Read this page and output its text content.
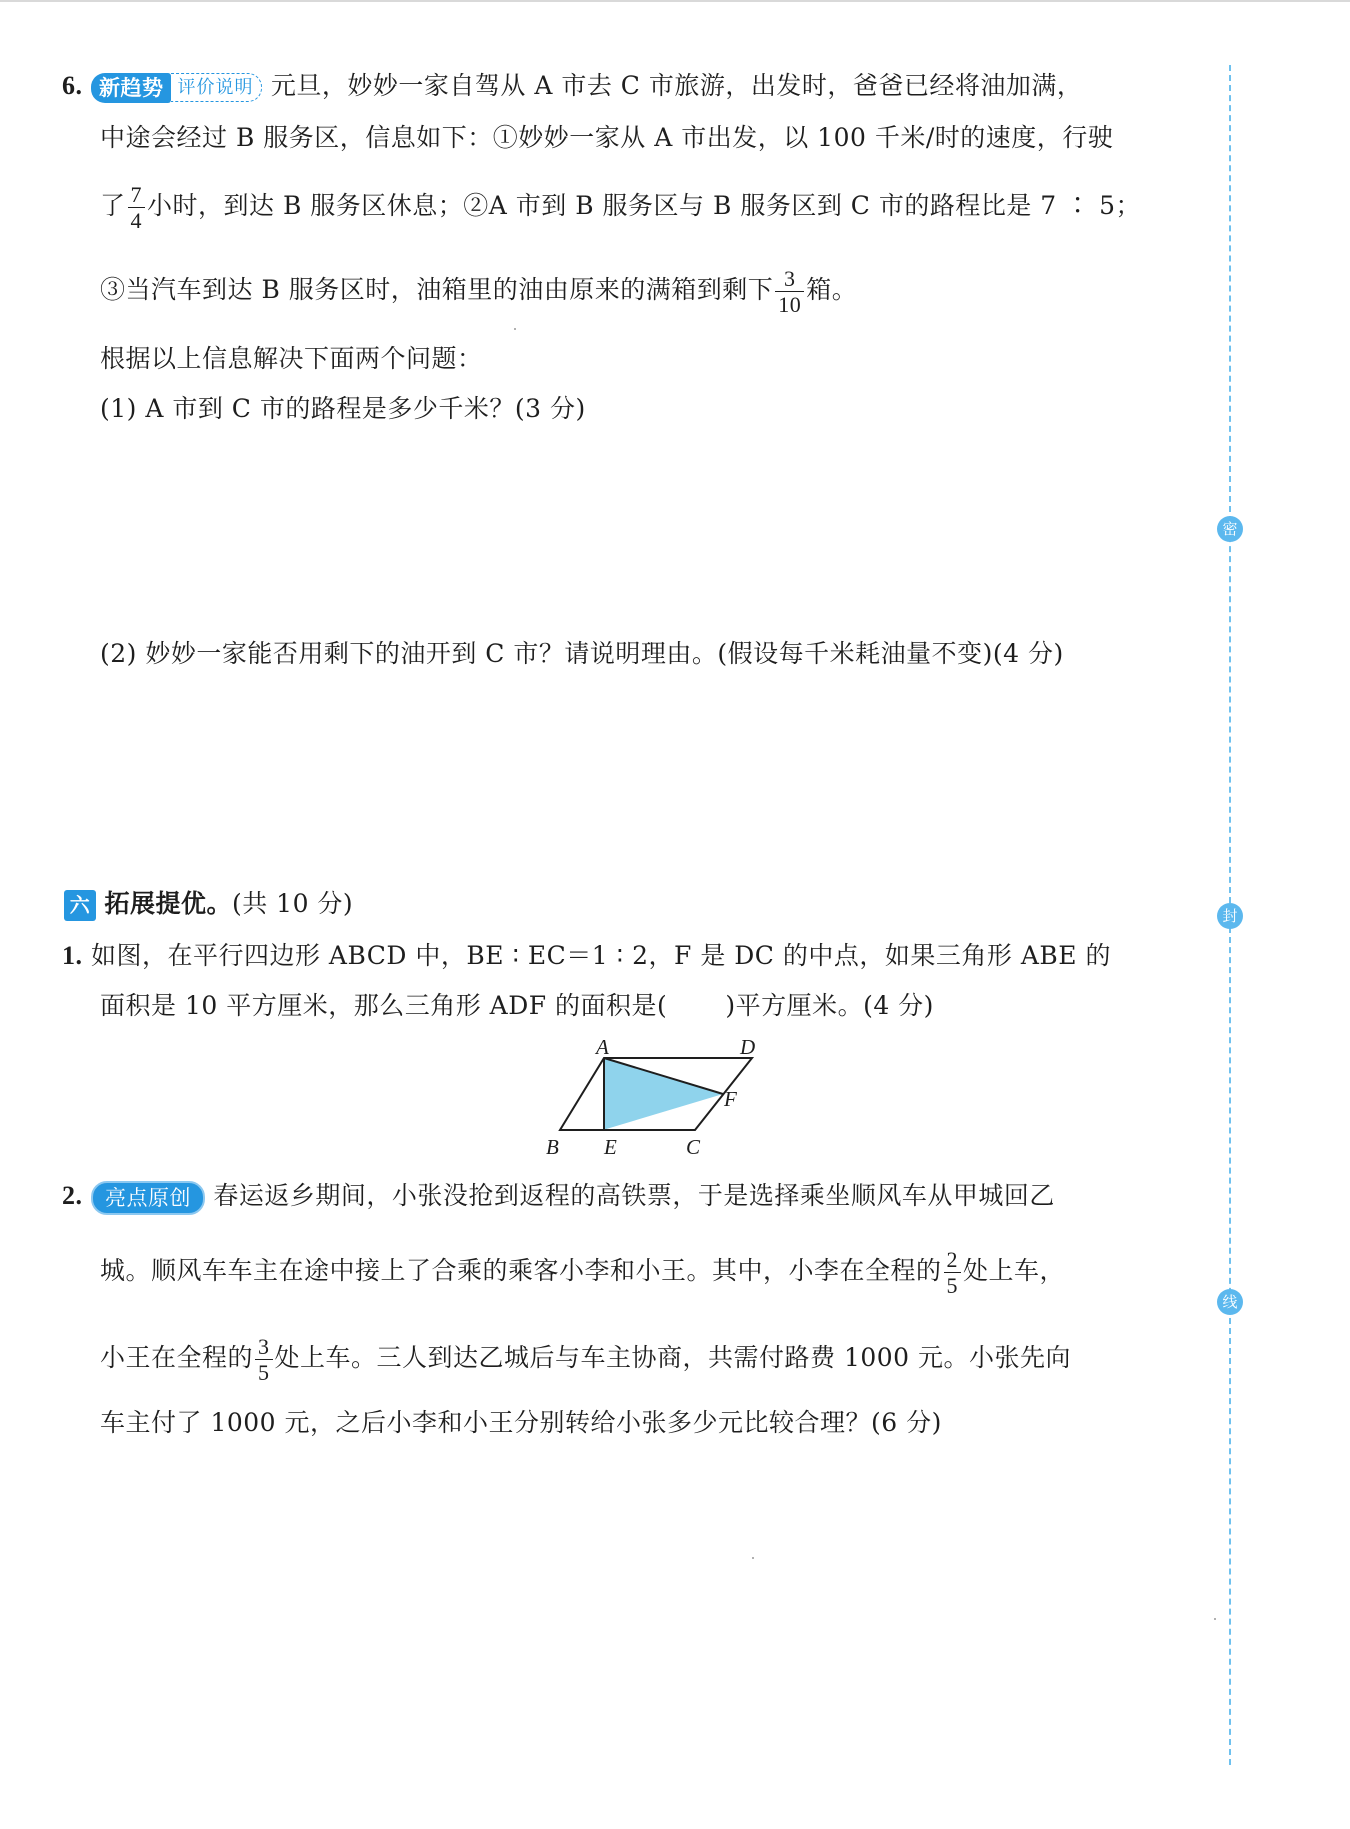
6. 新趋势 评价说明 元旦，妙妙一家自驾从 A 市去 C 市旅游，出发时，爸爸已经将油加满，
中途会经过 B 服务区，信息如下：①妙妙一家从 A 市出发，以 100 千米/时的速度，行驶
了 $\frac{7}{4}$ 小时，到达 B 服务区休息；②A 市到 B 服务区与 B 服务区到 C 市的路程比是 7 ∶ 5；
③当汽车到达 B 服务区时，油箱里的油由原来的满箱到剩下 $\frac{3}{10}$ 箱。
根据以上信息解决下面两个问题：
(1) A 市到 C 市的路程是多少千米？(3 分)
(2) 妙妙一家能否用剩下的油开到 C 市？请说明理由。(假设每千米耗油量不变)(4 分)
六 拓展提优。(共 10 分)
1. 如图，在平行四边形 ABCD 中，BE ∶ EC＝1 ∶ 2，F 是 DC 的中点，如果三角形 ABE 的
面积是 10 平方厘米，那么三角形 ADF 的面积是( )平方厘米。(4 分)
A	D
F
B E	C
2. 亮点原创 春运返乡期间，小张没抢到返程的高铁票，于是选择乘坐顺风车从甲城回乙
城。顺风车车主在途中接上了合乘的乘客小李和小王。其中，小李在全程的 $\frac{2}{5}$ 处上车，
小王在全程的 $\frac{3}{5}$ 处上车。三人到达乙城后与车主协商，共需付路费 1000 元。小张先向
车主付了 1000 元，之后小李和小王分别转给小张多少元比较合理？(6 分)
密
封
线
